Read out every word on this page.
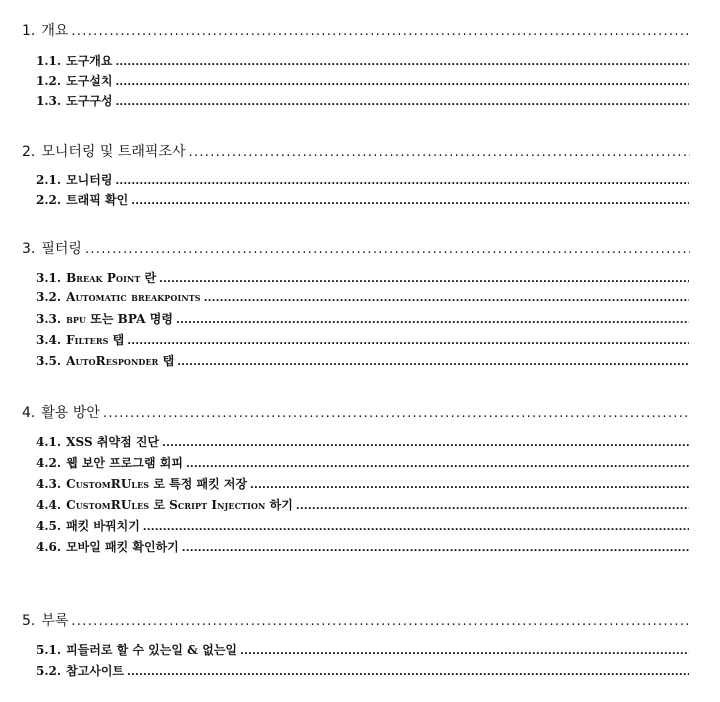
1. 개요
.....
1.1. 도구개요
.....
1.2. 도구설치
.....
1.3. 도구구성
.....
2. 모니터링 및 트래픽조사
.....
2.1. 모니터링
.....
2.2. 트래픽 확인
.....
3. 필터링
.....
3.1. Break Point 란
.....
3.2. Automatic breakpoints
.....
3.3. bpu 또는 BPA 명령
.....
3.4. Filters 탭
.....
3.5. AutoResponder 탭
.....
4. 활용 방안
.....
4.1. XSS 취약점 진단
.....
4.2. 웹 보안 프로그램 회피
.....
4.3. CustomRUles 로 특정 패킷 저장
.....
4.4. CustomRUles 로 Script Injection 하기
.....
4.5. 패킷 바꿔치기
.....
4.6. 모바일 패킷 확인하기
.....
5. 부록
.....
5.1. 피들러로 할 수 있는일 & 없는일
.....
5.2. 참고사이트
.....
